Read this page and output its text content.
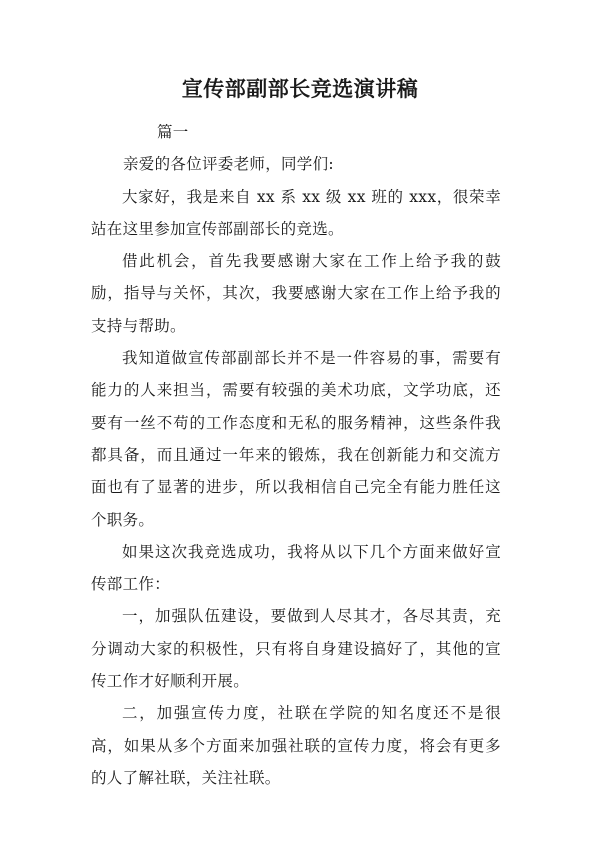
宣传部副部长竞选演讲稿

篇一

亲爱的各位评委老师，同学们:

大家好，我是来自 xx 系 xx 级 xx 班的 xxx，很荣幸站在这里参加宣传部副部长的竞选。

借此机会，首先我要感谢大家在工作上给予我的鼓励，指导与关怀，其次，我要感谢大家在工作上给予我的支持与帮助。

我知道做宣传部副部长并不是一件容易的事，需要有能力的人来担当，需要有较强的美术功底，文学功底，还要有一丝不苟的工作态度和无私的服务精神，这些条件我都具备，而且通过一年来的锻炼，我在创新能力和交流方面也有了显著的进步，所以我相信自己完全有能力胜任这个职务。

如果这次我竞选成功，我将从以下几个方面来做好宣传部工作：

一，加强队伍建设，要做到人尽其才，各尽其责，充分调动大家的积极性，只有将自身建设搞好了，其他的宣传工作才好顺利开展。

二，加强宣传力度，社联在学院的知名度还不是很高，如果从多个方面来加强社联的宣传力度，将会有更多的人了解社联，关注社联。
